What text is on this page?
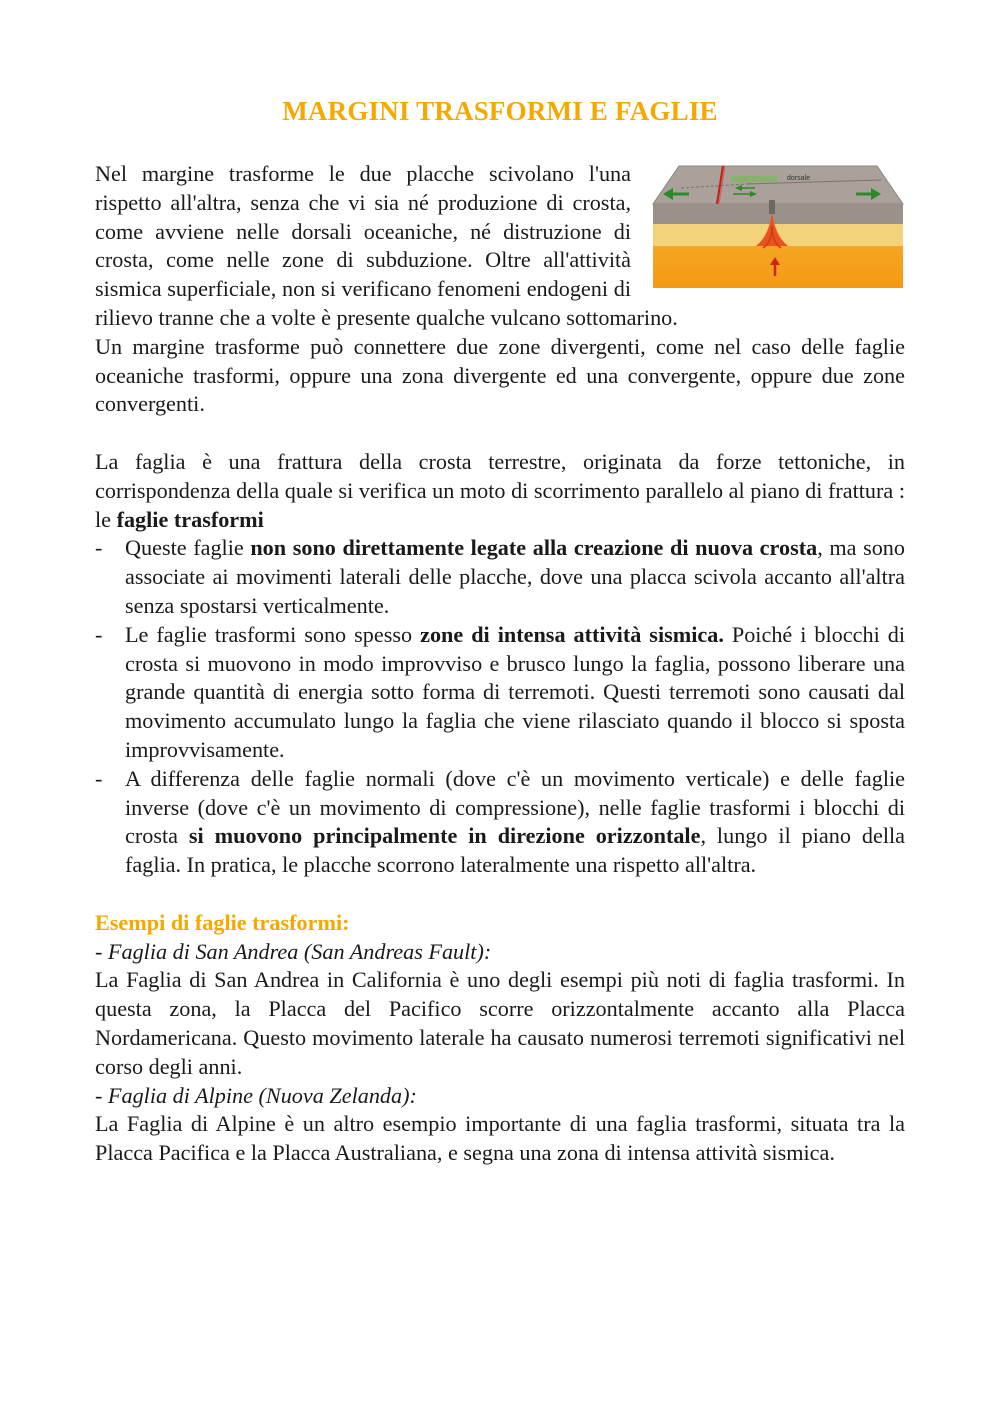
MARGINI TRASFORMI E FAGLIE
dorsale

Nel margine trasforme le due placche scivolano l'una rispetto all'altra, senza che vi sia né produzione di crosta, come avviene nelle dorsali oceaniche, né distruzione di crosta, come nelle zone di subduzione. Oltre all'attività sismica superficiale, non si verificano fenomeni endogeni di rilievo tranne che a volte è presente qualche vulcano sottomarino.

Un margine trasforme può connettere due zone divergenti, come nel caso delle faglie oceaniche trasformi, oppure una zona divergente ed una convergente, oppure due zone convergenti.

La faglia è una frattura della crosta terrestre, originata da forze tettoniche, in corrispondenza della quale si verifica un moto di scorrimento parallelo al piano di frattura : le faglie trasformi

- Queste faglie non sono direttamente legate alla creazione di nuova crosta, ma sono associate ai movimenti laterali delle placche, dove una placca scivola accanto all'altra senza spostarsi verticalmente.
- Le faglie trasformi sono spesso zone di intensa attività sismica. Poiché i blocchi di crosta si muovono in modo improvviso e brusco lungo la faglia, possono liberare una grande quantità di energia sotto forma di terremoti. Questi terremoti sono causati dal movimento accumulato lungo la faglia che viene rilasciato quando il blocco si sposta improvvisamente.
- A differenza delle faglie normali (dove c'è un movimento verticale) e delle faglie inverse (dove c'è un movimento di compressione), nelle faglie trasformi i blocchi di crosta si muovono principalmente in direzione orizzontale, lungo il piano della faglia. In pratica, le placche scorrono lateralmente una rispetto all'altra.

Esempi di faglie trasformi:

- Faglia di San Andrea (San Andreas Fault):

La Faglia di San Andrea in California è uno degli esempi più noti di faglia trasformi. In questa zona, la Placca del Pacifico scorre orizzontalmente accanto alla Placca Nordamericana. Questo movimento laterale ha causato numerosi terremoti significativi nel corso degli anni.

- Faglia di Alpine (Nuova Zelanda):

La Faglia di Alpine è un altro esempio importante di una faglia trasformi, situata tra la Placca Pacifica e la Placca Australiana, e segna una zona di intensa attività sismica.
